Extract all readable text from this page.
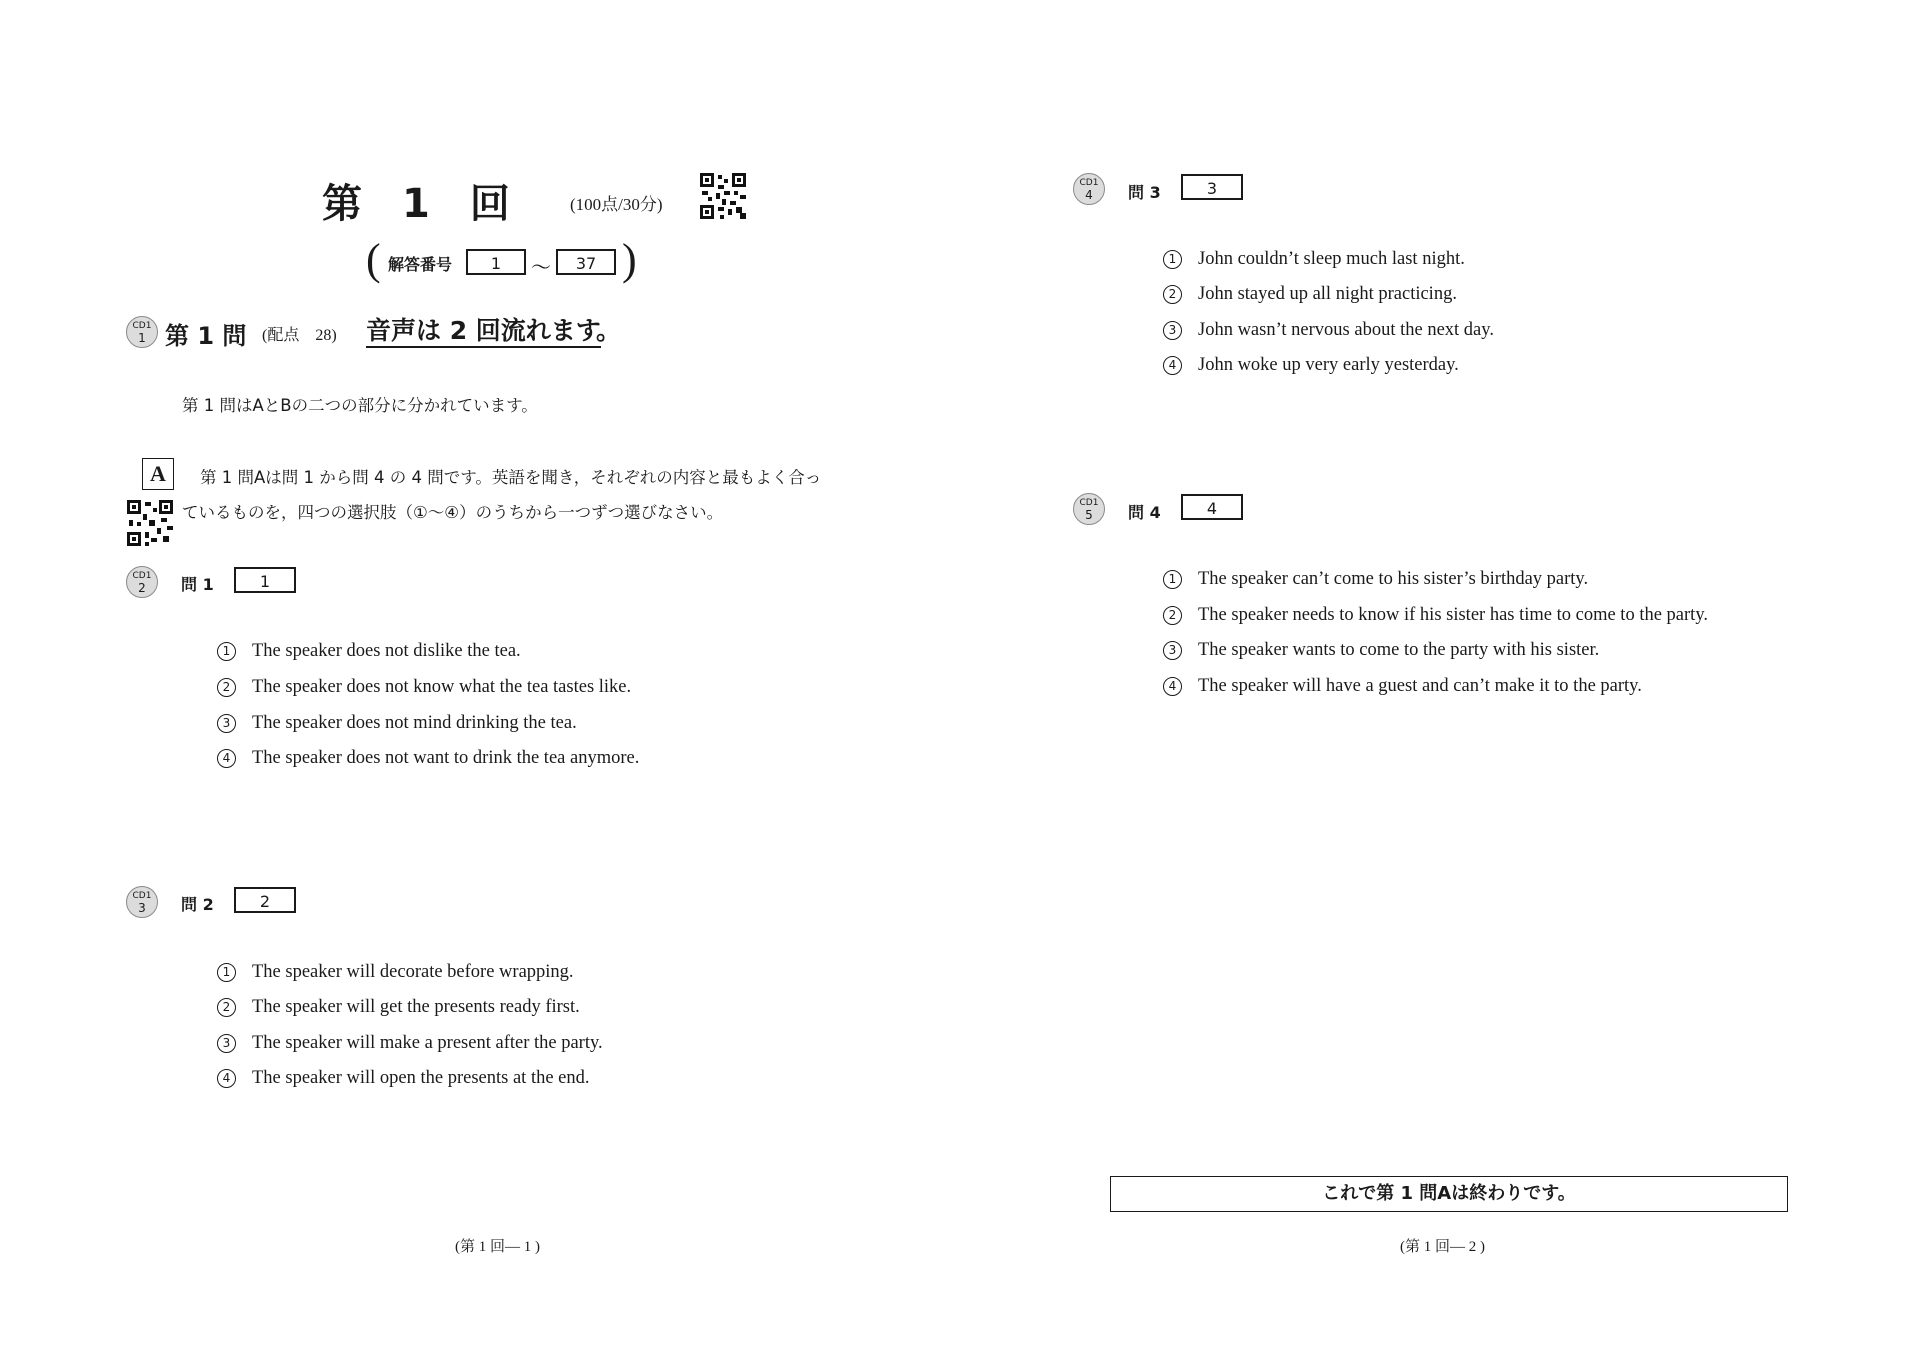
第　1　回	(100点/30分)
( 解答番号	1	〜	37 )
CD1
1 第 1 問 (配点　28) 音声は 2 回流れます
。
第 1 問はAとBの二つの部分に分かれています。
A	第 1 問Aは問 1 から問 4 の 4 問です。英語を聞き，それぞれの内容と最もよく合っ
ているものを，四つの選択肢（①〜④）のうちから一つずつ選びなさい。
CD1
2	問 1	1
1 The speaker does not dislike the tea.
2 The speaker does not know what the tea tastes like.
3 The speaker does not mind drinking the tea.
4 The speaker does not want to drink the tea anymore.
CD1
3	問 2	2
1 The speaker will decorate before wrapping.
2 The speaker will get the presents ready first.
3 The speaker will make a present after the party.
4 The speaker will open the presents at the end.
(第 1 回— 1 )
CD1
4	問 3	3
1 John couldn’t sleep much last night.
2 John stayed up all night practicing.
3 John wasn’t nervous about the next day.
4 John woke up very early yesterday.
CD1
5	問 4	4
1 The speaker can’t come to his sister’s birthday party.
2 The speaker needs to know if his sister has time to come to the party.
3 The speaker wants to come to the party with his sister.
4 The speaker will have a guest and can’t make it to the party.
これで第 1 問Aは終わりです。
(第 1 回— 2 )
